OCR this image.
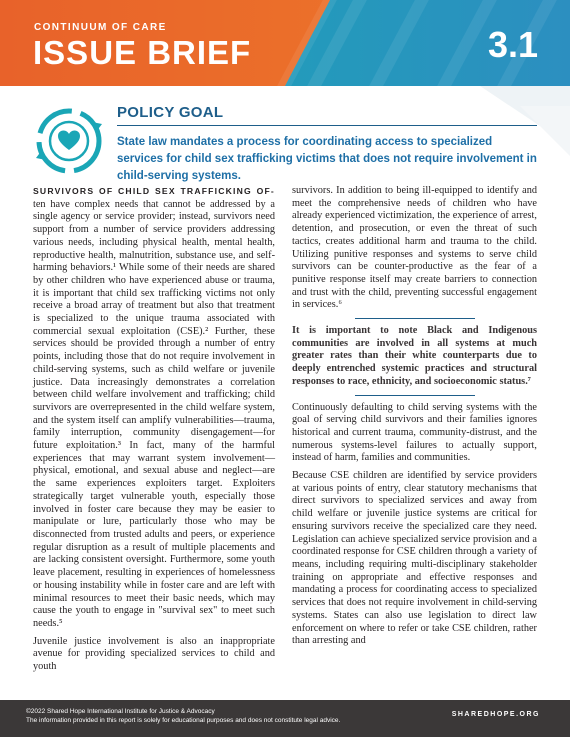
CONTINUUM OF CARE
ISSUE BRIEF	3.1
POLICY GOAL
State law mandates a process for coordinating access to specialized services for child sex trafficking victims that does not require involvement in child-serving systems.

SURVIVORS OF CHILD SEX TRAFFICKING OF- ten have complex needs that cannot be addressed by a single agency or service provider; instead, survivors need support from a number of service providers addressing various needs, including physical health, mental health, reproductive health, malnutrition, substance use, and self-harming behaviors.¹ While some of their needs are shared by other children who have experienced abuse or trauma, it is important that child sex trafficking victims not only receive a broad array of treatment but also that treatment is specialized to the unique trauma associated with commercial sexual exploitation (CSE).² Further, these services should be provided through a number of entry points, including those that do not require involvement in child-serving systems, such as child welfare or juvenile justice. Data increasingly demonstrates a correlation between child welfare involvement and trafficking; child survivors are overrepresented in the child welfare system, and the system itself can amplify vulnerabilities—trauma, family interruption, community disengagement—for future exploitation.³ In fact, many of the harmful experiences that may warrant system involvement—physical, emotional, and sexual abuse and neglect—are the same experiences exploiters target. Exploiters strategically target vulnerable youth, especially those involved in foster care because they may be easier to manipulate or lure, particularly those who may be disconnected from trusted adults and peers, or experience regular disruption as a result of multiple placements and are lacking consistent oversight. Furthermore, some youth leave placement, resulting in experiences of homelessness or housing instability while in foster care and are left with minimal resources to meet their basic needs, which may cause the youth to engage in "survival sex" to meet such needs.⁵

Juvenile justice involvement is also an inappropriate avenue for providing specialized services to child and youth

survivors. In addition to being ill-equipped to identify and meet the comprehensive needs of children who have already experienced victimization, the experience of arrest, detention, and prosecution, or even the threat of such tactics, creates additional harm and trauma to the child. Utilizing punitive responses and systems to serve child survivors can be counter-productive as the fear of a punitive response itself may create barriers to connection and trust with the child, preventing successful engagement in services.⁶

It is important to note Black and Indigenous communities are involved in all systems at much greater rates than their white counterparts due to deeply entrenched systemic practices and structural responses to race, ethnicity, and socioeconomic status.⁷

Continuously defaulting to child serving systems with the goal of serving child survivors and their families ignores historical and current trauma, community-distrust, and the numerous systems-level failures to actually support, instead of harm, families and communities.

Because CSE children are identified by service providers at various points of entry, clear statutory mechanisms that direct survivors to specialized services and away from child welfare or juvenile justice systems are critical for ensuring survivors receive the specialized care they need. Legislation can achieve specialized service provision and a coordinated response for CSE children through a variety of means, including requiring multi-disciplinary stakeholder training on appropriate and effective responses and mandating a process for coordinating access to specialized services that does not require involvement in child-serving systems. States can also use legislation to direct law enforcement on where to refer or take CSE children, rather than arresting and

©2022 Shared Hope International Institute for Justice & Advocacy
The information provided in this report is solely for educational purposes and does not constitute legal advice.
SHAREDHOPE.ORG
